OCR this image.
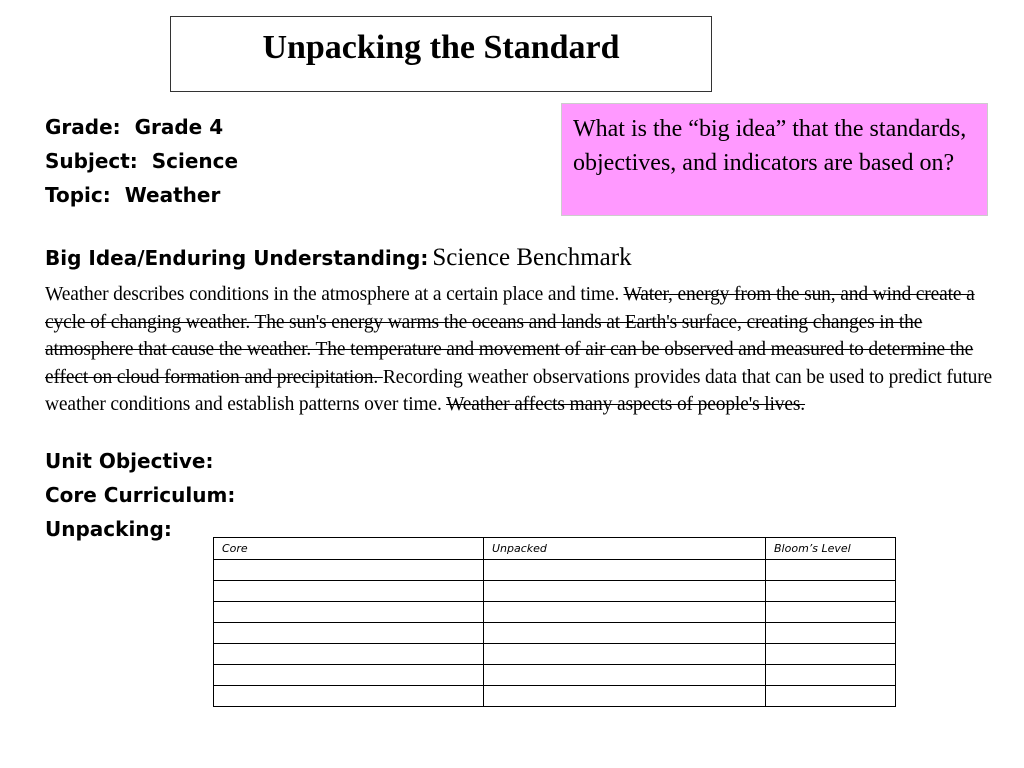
Unpacking the Standard
Grade: Grade 4
Subject: Science
Topic: Weather
What is the “big idea” that the standards, objectives, and indicators are based on?
Big Idea/Enduring Understanding: Science Benchmark
Weather describes conditions in the atmosphere at a certain place and time. Water, energy from the sun, and wind create a cycle of changing weather. The sun's energy warms the oceans and lands at Earth's surface, creating changes in the atmosphere that cause the weather. The temperature and movement of air can be observed and measured to determine the effect on cloud formation and precipitation. Recording weather observations provides data that can be used to predict future weather conditions and establish patterns over time. Weather affects many aspects of people's lives.
Unit Objective:
Core Curriculum:
Unpacking:
Core	Unpacked	Bloom’s Level
